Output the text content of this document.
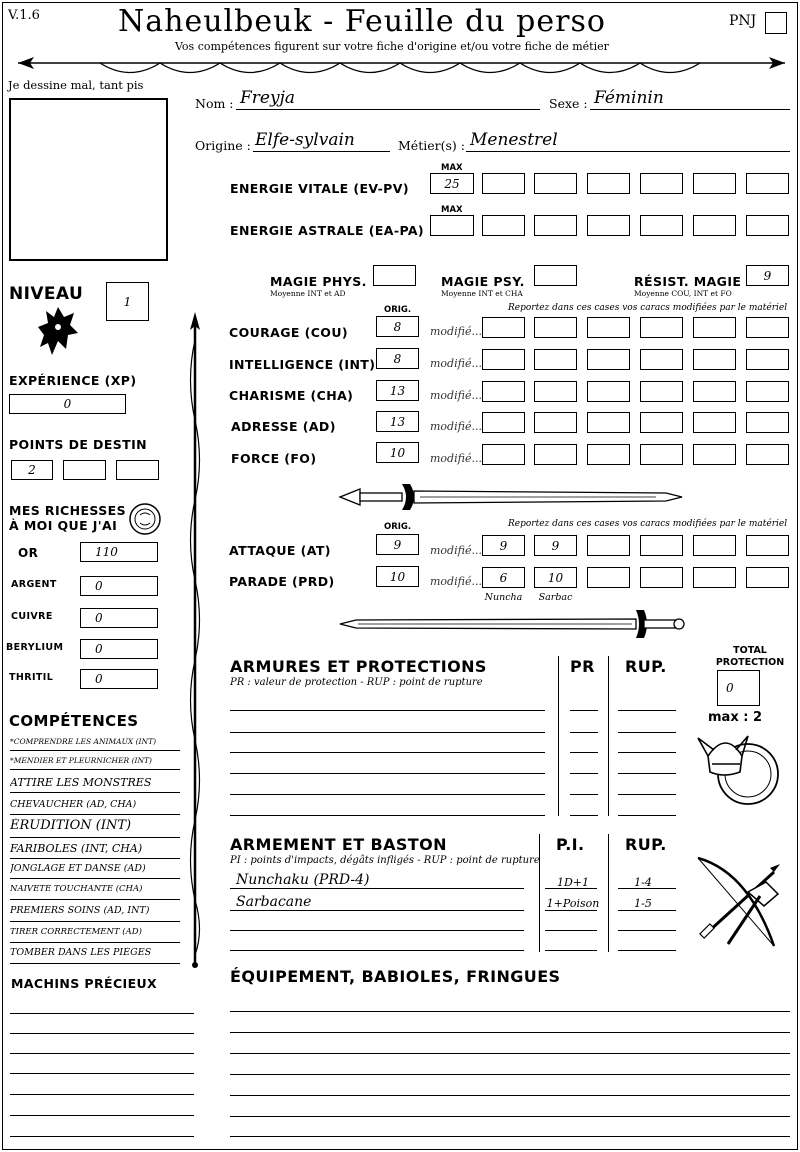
V.1.6	Naheulbeuk - Feuille du perso
Vos compétences figurent sur votre fiche d'origine et/ou votre fiche de métier
PNJ
Je dessine mal, tant pis
Nom : Freyja	Sexe : Féminin
Origine : Elfe-sylvain	Métier(s) : Menestrel
MAX
ENERGIE VITALE (EV-PV)	25
MAX
ENERGIE ASTRALE (EA-PA)
MAGIE PHYS.
Moyenne INT et AD
MAGIE PSY.
Moyenne INT et CHA
RÉSIST. MAGIE
Moyenne COU, INT et FO
9
NIVEAU	1
EXPÉRIENCE (XP)
0
POINTS DE DESTIN
2
MES RICHESSES
À MOI QUE J'AI
OR	110
ARGENT	0
CUIVRE	0
BERYLIUM	0
THRITIL	0
COMPÉTENCES
*COMPRENDRE LES ANIMAUX (INT)
*MENDIER ET PLEURNICHER (INT)
ATTIRE LES MONSTRES
CHEVAUCHER (AD, CHA)
ÉRUDITION (INT)
FARIBOLES (INT, CHA)
JONGLAGE ET DANSE (AD)
NAÏVETÉ TOUCHANTE (CHA)
PREMIERS SOINS (AD, INT)
TIRER CORRECTEMENT (AD)
TOMBER DANS LES PIÈGES
MACHINS PRÉCIEUX
ORIG.	Reportez dans ces cases vos caracs modifiées par le matériel
COURAGE (COU)	8	modifié...
INTELLIGENCE (INT) 8	modifié...
CHARISME (CHA)	13 modifié...
ADRESSE (AD)	13 modifié...
FORCE (FO)	10 modifié...
ORIG.	Reportez dans ces cases vos caracs modifiées par le matériel
ATTAQUE (AT)	9	modifié... 9	9
PARADE (PRD)	10 modifié... 6	10
Nuncha	Sarbac
ARMURES ET PROTECTIONS
PR : valeur de protection - RUP : point de rupture
PR RUP.
TOTAL
PROTECTION
0
max : 2
ARMEMENT ET BASTON
PI : points d'impacts, dégâts infligés - RUP : point de rupture
P.I.	RUP.
Nunchaku (PRD-4)	1D+1	1-4
Sarbacane	1+Poison	1-5
ÉQUIPEMENT, BABIOLES, FRINGUES
